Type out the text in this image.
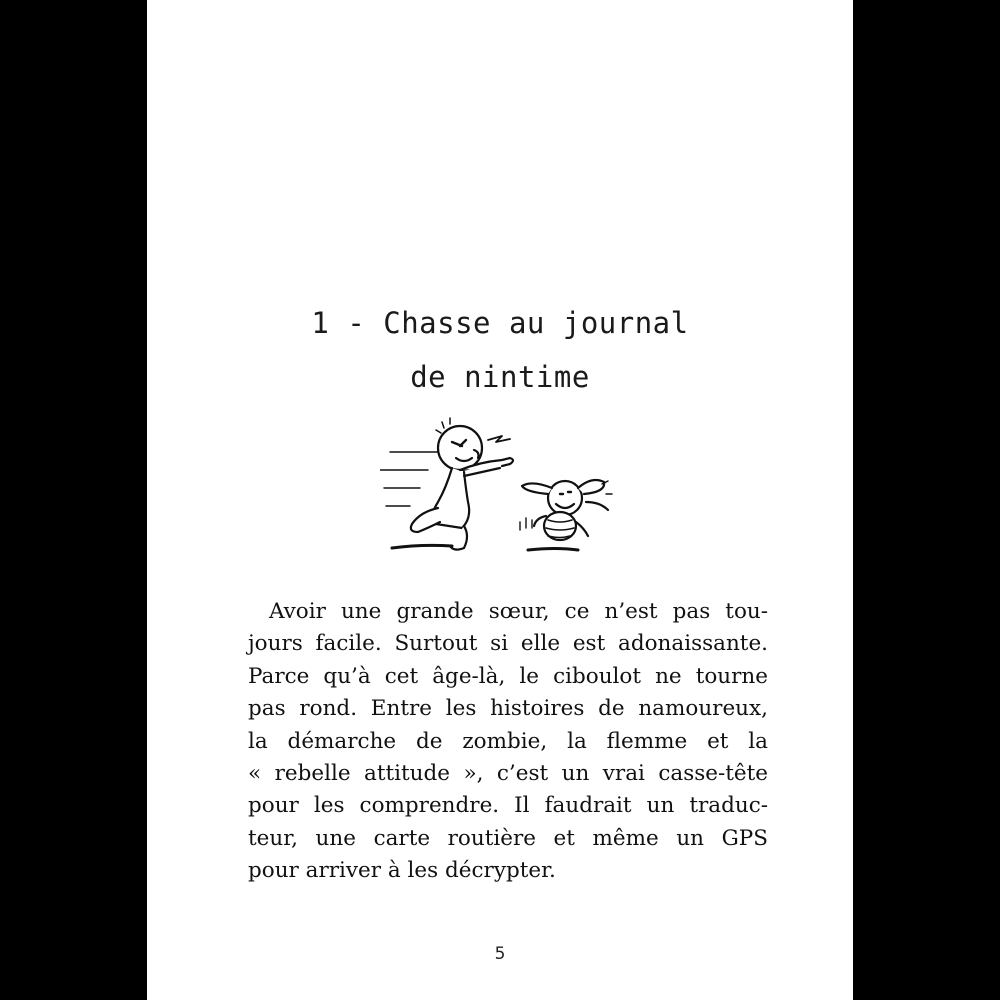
1 - Chasse au journal
de nintime
Avoir une grande sœur, ce n’est pas tou-
jours facile. Surtout si elle est adonaissante.
Parce qu’à cet âge-là, le ciboulot ne tourne
pas rond. Entre les histoires de namoureux,
la démarche de zombie, la flemme et la
« rebelle attitude », c’est un vrai casse-tête
pour les comprendre. Il faudrait un traduc-
teur, une carte routière et même un GPS
pour arriver à les décrypter.
5
